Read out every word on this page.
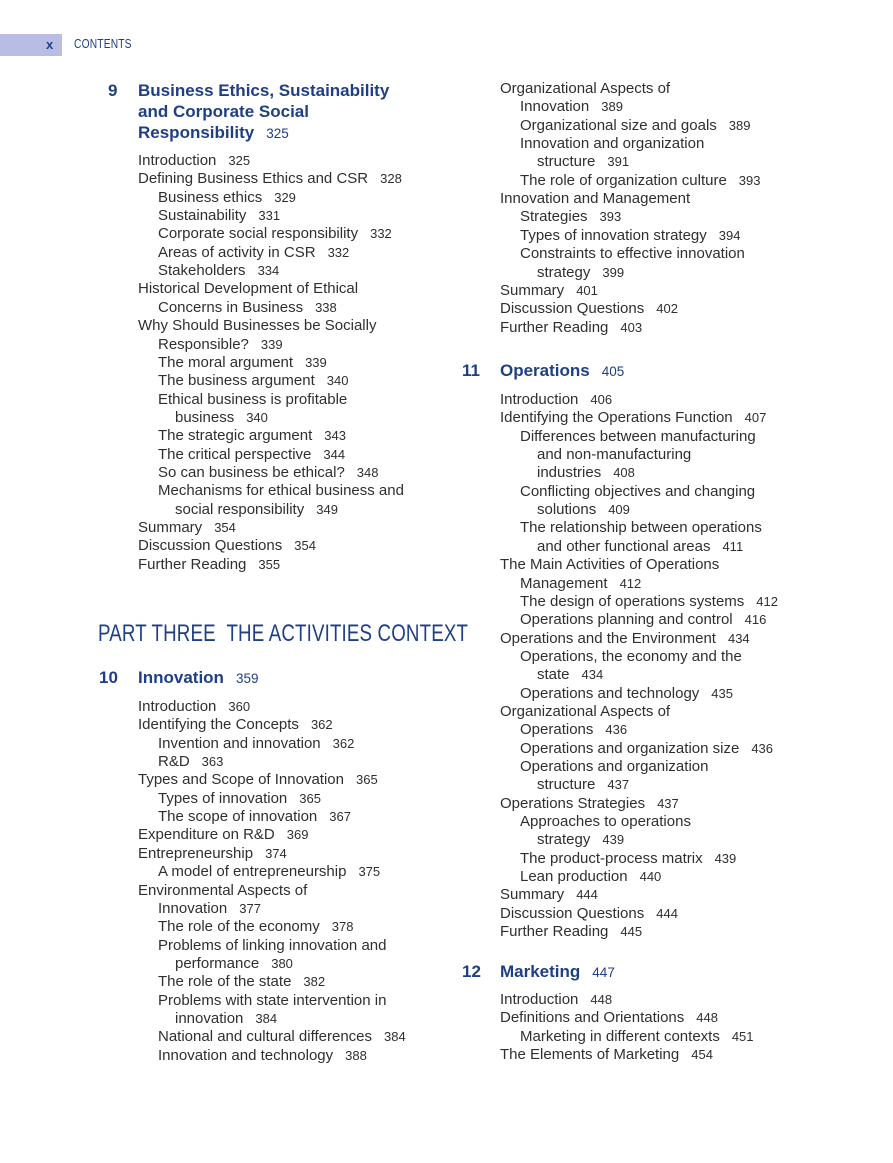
x CONTENTS
9 Business Ethics, Sustainability
and Corporate Social
Responsibility 325
Introduction 325
Defining Business Ethics and CSR 328
Business ethics 329
Sustainability 331
Corporate social responsibility 332
Areas of activity in CSR 332
Stakeholders 334
Historical Development of Ethical
Concerns in Business 338
Why Should Businesses be Socially
Responsible? 339
The moral argument 339
The business argument 340
Ethical business is profitable
business 340
The strategic argument 343
The critical perspective 344
So can business be ethical? 348
Mechanisms for ethical business and
social responsibility 349
Summary 354
Discussion Questions 354
Further Reading 355
PART THREE THE ACTIVITIES CONTEXT
10 Innovation 359
Introduction 360
Identifying the Concepts 362
Invention and innovation 362
R&D 363
Types and Scope of Innovation 365
Types of innovation 365
The scope of innovation 367
Expenditure on R&D 369
Entrepreneurship 374
A model of entrepreneurship 375
Environmental Aspects of
Innovation 377
The role of the economy 378
Problems of linking innovation and
performance 380
The role of the state 382
Problems with state intervention in
innovation 384
National and cultural differences 384
Innovation and technology 388
Organizational Aspects of
Innovation 389
Organizational size and goals 389
Innovation and organization
structure 391
The role of organization culture 393
Innovation and Management
Strategies 393
Types of innovation strategy 394
Constraints to effective innovation
strategy 399
Summary 401
Discussion Questions 402
Further Reading 403
11 Operations 405
Introduction 406
Identifying the Operations Function 407
Differences between manufacturing
and non-manufacturing
industries 408
Conflicting objectives and changing
solutions 409
The relationship between operations
and other functional areas 411
The Main Activities of Operations
Management 412
The design of operations systems 412
Operations planning and control 416
Operations and the Environment 434
Operations, the economy and the
state 434
Operations and technology 435
Organizational Aspects of
Operations 436
Operations and organization size 436
Operations and organization
structure 437
Operations Strategies 437
Approaches to operations
strategy 439
The product-process matrix 439
Lean production 440
Summary 444
Discussion Questions 444
Further Reading 445
12 Marketing 447
Introduction 448
Definitions and Orientations 448
Marketing in different contexts 451
The Elements of Marketing 454
